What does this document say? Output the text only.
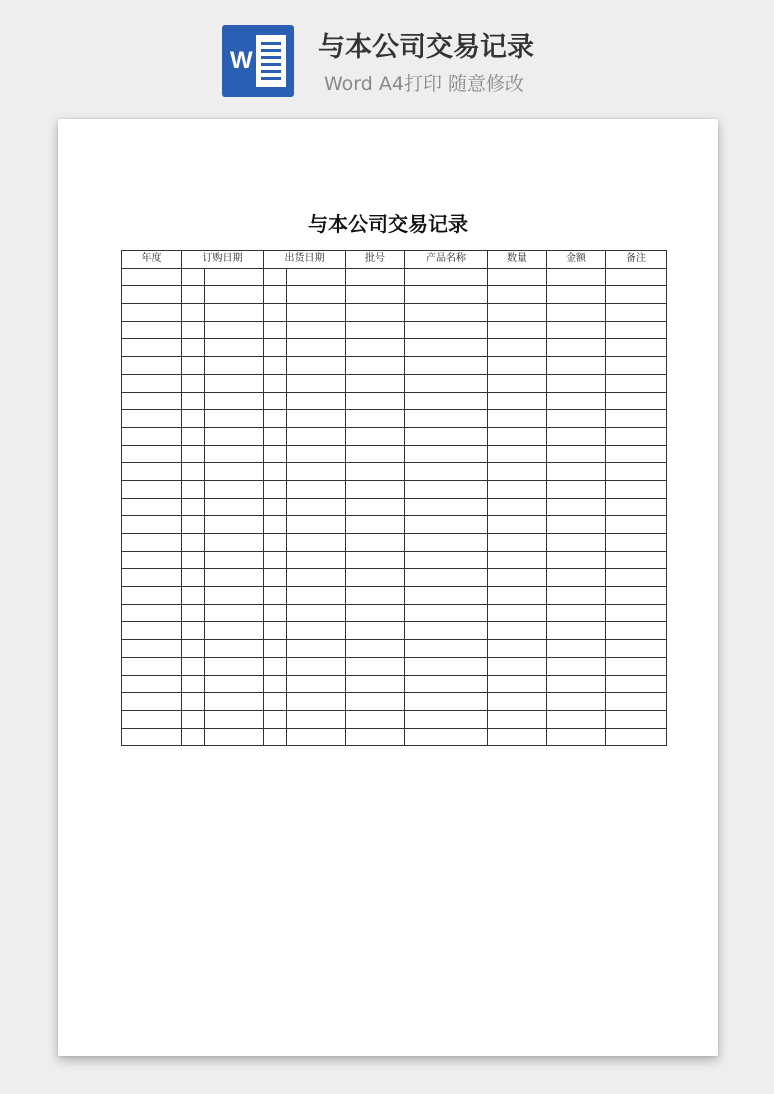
W	与本公司交易记录
Word A4打印 随意修改
与本公司交易记录
年度	订购日期		出货日期		批号	产品名称	数量	金额	备注
